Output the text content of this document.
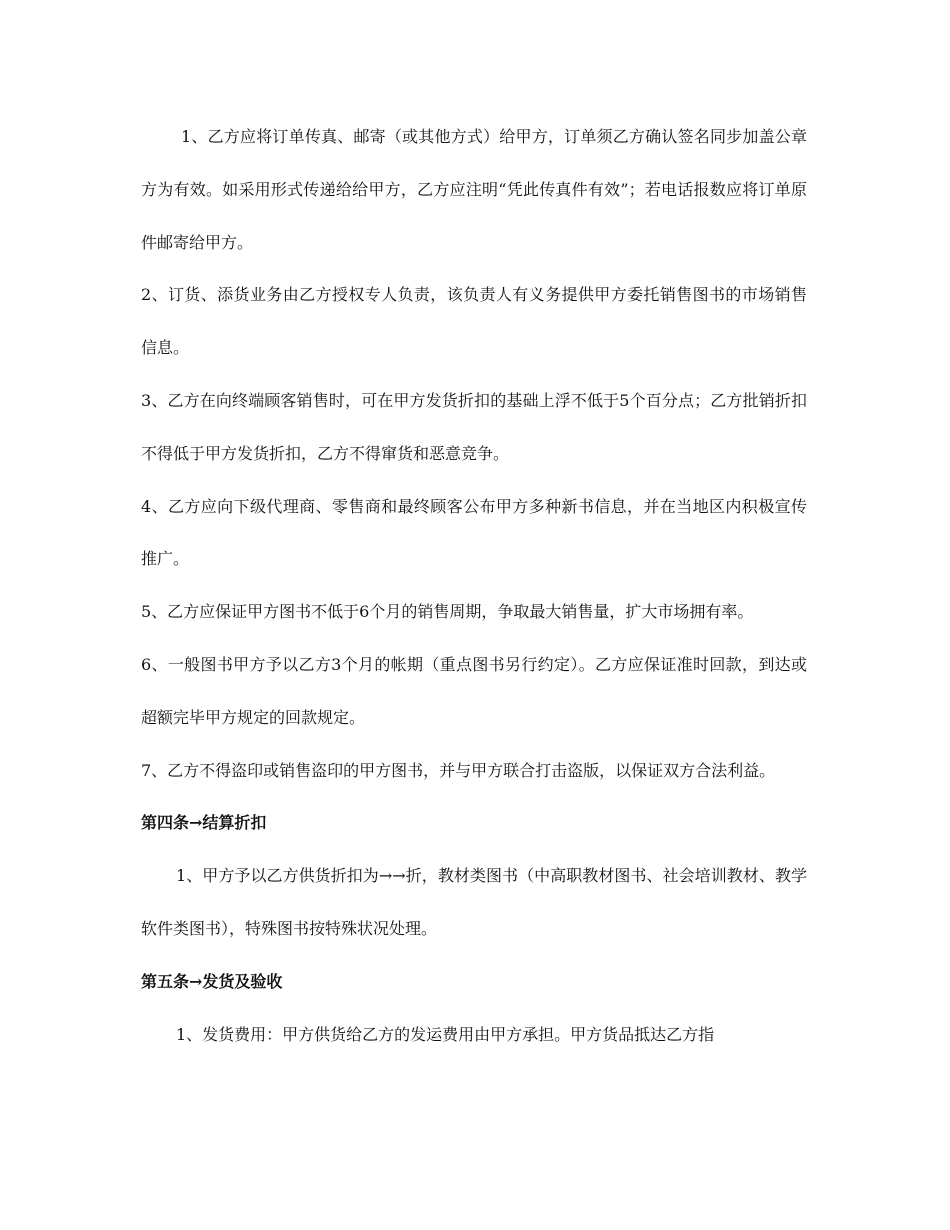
1、乙方应将订单传真、邮寄（或其他方式）给甲方，订单须乙方确认签名同步加盖公章方为有效。如采用形式传递给给甲方，乙方应注明“凭此传真件有效”；若电话报数应将订单原件邮寄给甲方。

2、订货、添货业务由乙方授权专人负责，该负责人有义务提供甲方委托销售图书的市场销售信息。

3、乙方在向终端顾客销售时，可在甲方发货折扣的基础上浮不低于5个百分点；乙方批销折扣不得低于甲方发货折扣，乙方不得窜货和恶意竞争。

4、乙方应向下级代理商、零售商和最终顾客公布甲方多种新书信息，并在当地区内积极宣传推广。

5、乙方应保证甲方图书不低于6个月的销售周期，争取最大销售量，扩大市场拥有率。

6、一般图书甲方予以乙方3个月的帐期（重点图书另行约定）。乙方应保证准时回款，到达或超额完毕甲方规定的回款规定。

7、乙方不得盗印或销售盗印的甲方图书，并与甲方联合打击盗版，以保证双方合法利益。

第四条→结算折扣

1、甲方予以乙方供货折扣为→→折，教材类图书（中高职教材图书、社会培训教材、教学软件类图书），特殊图书按特殊状况处理。

第五条→发货及验收

1、发货费用：甲方供货给乙方的发运费用由甲方承担。甲方货品抵达乙方指
